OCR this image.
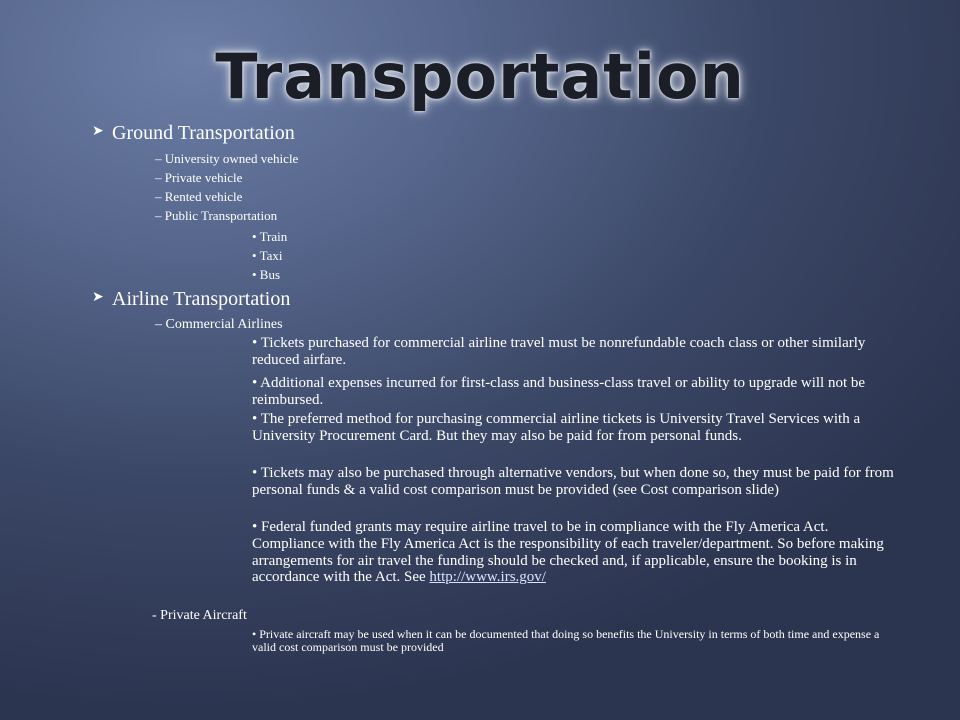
Transportation
➤ Ground Transportation
– University owned vehicle
– Private vehicle
– Rented vehicle
– Public Transportation
• Train
• Taxi
• Bus
➤ Airline Transportation
– Commercial Airlines
• Tickets purchased for commercial airline travel must be nonrefundable coach class or other similarly reduced airfare.
• Additional expenses incurred for first-class and business-class travel or ability to upgrade will not be reimbursed.
• The preferred method for purchasing commercial airline tickets is University Travel Services with a University Procurement Card. But they may also be paid for from personal funds.
• Tickets may also be purchased through alternative vendors, but when done so, they must be paid for from personal funds & a valid cost comparison must be provided (see Cost comparison slide)
• Federal funded grants may require airline travel to be in compliance with the Fly America Act. Compliance with the Fly America Act is the responsibility of each traveler/department. So before making arrangements for air travel the funding should be checked and, if applicable, ensure the booking is in accordance with the Act. See http://www.irs.gov/
- Private Aircraft
• Private aircraft may be used when it can be documented that doing so benefits the University in terms of both time and expense a valid cost comparison must be provided
